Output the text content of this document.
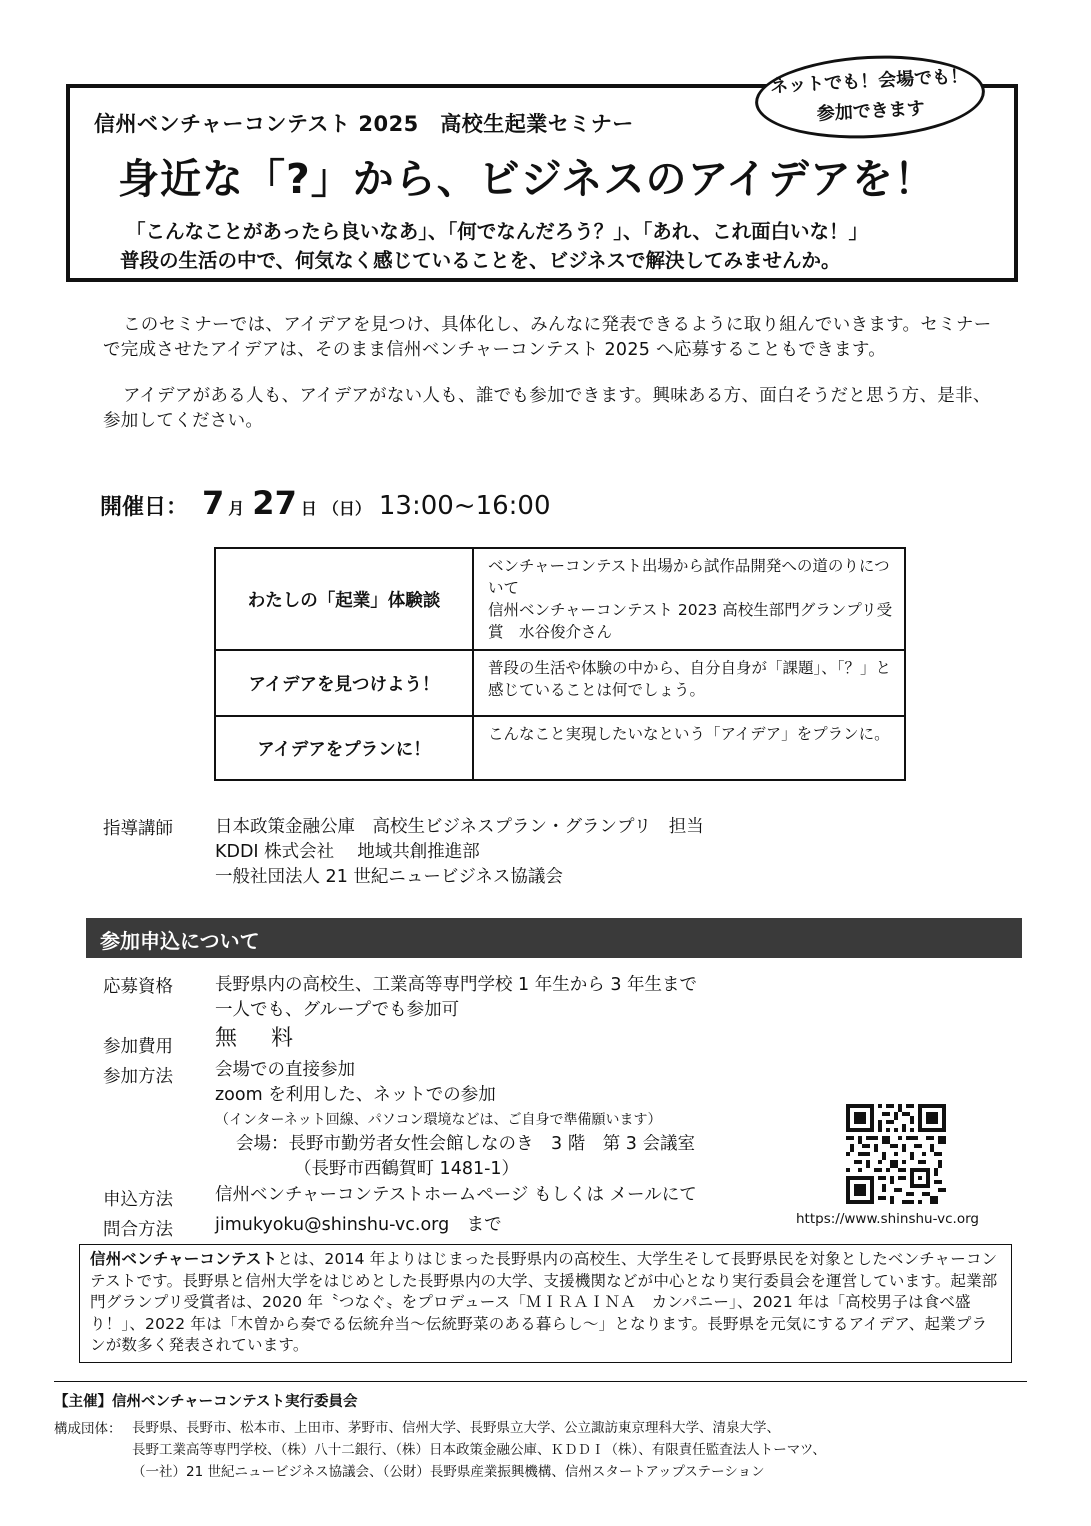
信州ベンチャーコンテスト 2025　高校生起業セミナー
身近な「?」から、ビジネスのアイデアを！
「こんなことがあったら良いなあ」、「何でなんだろう？」、「あれ、これ面白いな！」
普段の生活の中で、何気なく感じていることを、ビジネスで解決してみませんか。
ネットでも！会場でも！
参加できます
このセミナーでは、アイデアを見つけ、具体化し、みんなに発表できるように取り組んでいきます。セミナーで完成させたアイデアは、そのまま信州ベンチャーコンテスト 2025 へ応募することもできます。
アイデアがある人も、アイデアがない人も、誰でも参加できます。興味ある方、面白そうだと思う方、是非、参加してください。
開催日： 7 月 27 日 （日） 13:00~16:00
わたしの「起業」体験談
ベンチャーコンテスト出場から試作品開発への道のりについて
信州ベンチャーコンテスト 2023 高校生部門グランプリ受賞　水谷俊介さん
アイデアを見つけよう！
普段の生活や体験の中から、自分自身が「課題」、「？」と感じていることは何でしょう。
アイデアをプランに！
こんなこと実現したいなという「アイデア」をプランに。
指導講師 日本政策金融公庫　高校生ビジネスプラン・グランプリ　担当
KDDI 株式会社　 地域共創推進部
一般社団法人 21 世紀ニュービジネス協議会
参加申込について
応募資格 長野県内の高校生、工業高等専門学校 1 年生から 3 年生まで
一人でも、グループでも参加可
参加費用 無　料
参加方法 会場での直接参加
zoom を利用した、ネットでの参加
（インターネット回線、パソコン環境などは、ご自身で準備願います）
会場：長野市勤労者女性会館しなのき　3 階　第 3 会議室
（長野市西鶴賀町 1481-1）
申込方法 信州ベンチャーコンテストホームページ もしくは メールにて
問合方法 jimukyoku@shinshu-vc.org　まで	https://www.shinshu-vc.org
信州ベンチャーコンテストとは、2014 年よりはじまった長野県内の高校生、大学生そして長野県民を対象としたベンチャーコンテストです。長野県と信州大学をはじめとした長野県内の大学、支援機関などが中心となり実行委員会を運営しています。起業部門グランプリ受賞者は、2020 年〝つなぐ〟をプロデュース「ＭＩＲＡＩＮＡ　カンパニー」、2021 年は「高校男子は食べ盛り！」、2022 年は「木曽から奏でる伝統弁当～伝統野菜のある暮らし～」となります。長野県を元気にするアイデア、起業プランが数多く発表されています。
【主催】信州ベンチャーコンテスト実行委員会
構成団体： 長野県、長野市、松本市、上田市、茅野市、信州大学、長野県立大学、公立諏訪東京理科大学、清泉大学、
長野工業高等専門学校、（株）八十二銀行、（株）日本政策金融公庫、ＫＤＤＩ（株）、有限責任監査法人トーマツ、
（一社）21 世紀ニュービジネス協議会、（公財）長野県産業振興機構、信州スタートアップステーション
